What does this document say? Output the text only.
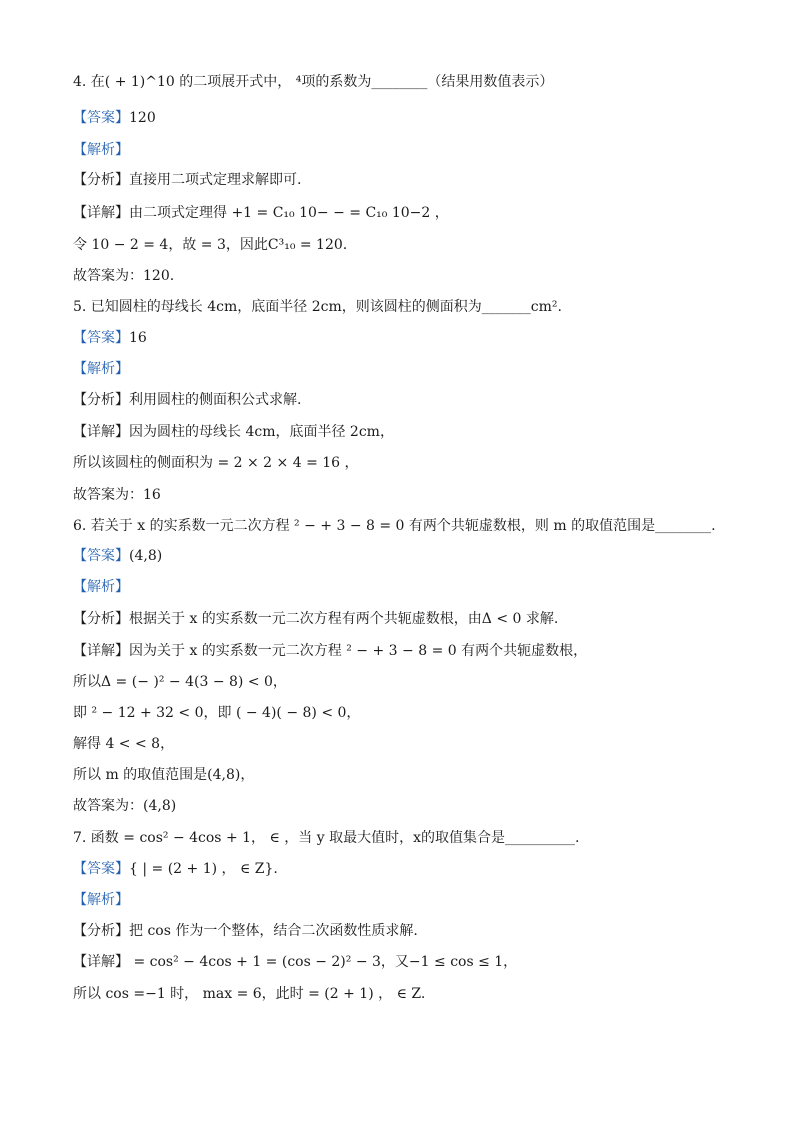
4. 在( + 1)^10 的二项展开式中， ⁴项的系数为________（结果用数值表示）
【答案】120
【解析】
【分析】直接用二项式定理求解即可.
【详解】由二项式定理得 +1 = C₁₀ 10− − = C₁₀ 10−2 ，
令 10 − 2 = 4，故 = 3，因此C³₁₀ = 120.
故答案为：120.
5. 已知圆柱的母线长 4cm，底面半径 2cm，则该圆柱的侧面积为_______cm².
【答案】16
【解析】
【分析】利用圆柱的侧面积公式求解.
【详解】因为圆柱的母线长 4cm，底面半径 2cm，
所以该圆柱的侧面积为 = 2 × 2 × 4 = 16 ，
故答案为：16
6. 若关于 x 的实系数一元二次方程 ² − + 3 − 8 = 0 有两个共轭虚数根，则 m 的取值范围是________.
【答案】(4,8)
【解析】
【分析】根据关于 x 的实系数一元二次方程有两个共轭虚数根，由Δ < 0 求解.
【详解】因为关于 x 的实系数一元二次方程 ² − + 3 − 8 = 0 有两个共轭虚数根，
所以Δ = (− )² − 4(3 − 8) < 0，
即 ² − 12 + 32 < 0，即 ( − 4)( − 8) < 0，
解得 4 < < 8，
所以 m 的取值范围是(4,8)，
故答案为：(4,8)
7. 函数 = cos² − 4cos + 1， ∈ ，当 y 取最大值时，x的取值集合是__________.
【答案】{ | = (2 + 1) ， ∈ Z}.
【解析】
【分析】把 cos 作为一个整体，结合二次函数性质求解.
【详解】 = cos² − 4cos + 1 = (cos − 2)² − 3，又−1 ≤ cos ≤ 1，
所以 cos =−1 时， max = 6，此时 = (2 + 1) ， ∈ Z.
